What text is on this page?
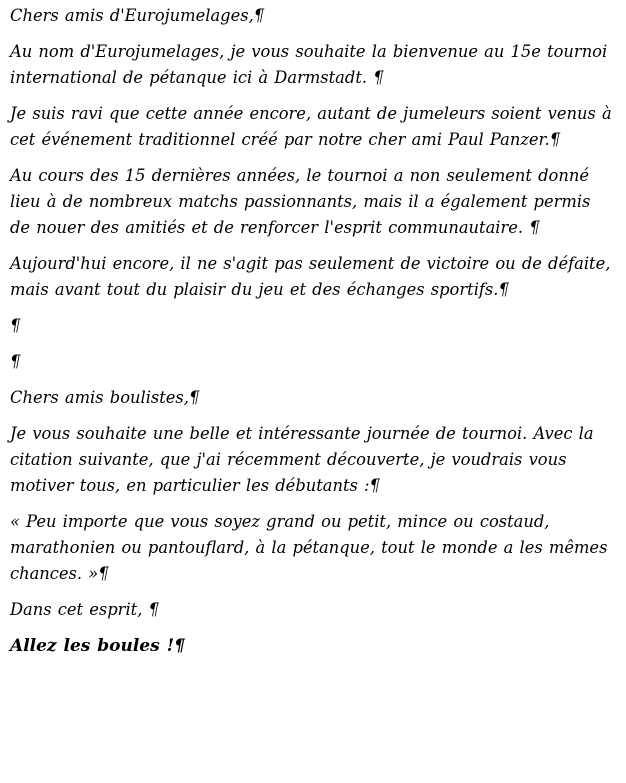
Chers amis d'Eurojumelages,¶

Au nom d'Eurojumelages, je vous souhaite la bienvenue au 15e tournoi international de pétanque ici à Darmstadt. ¶

Je suis ravi que cette année encore, autant de jumeleurs soient venus à cet événement traditionnel créé par notre cher ami Paul Panzer.¶

Au cours des 15 dernières années, le tournoi a non seulement donné lieu à de nombreux matchs passionnants, mais il a également permis de nouer des amitiés et de renforcer l'esprit communautaire. ¶

Aujourd'hui encore, il ne s'agit pas seulement de victoire ou de défaite, mais avant tout du plaisir du jeu et des échanges sportifs.¶

¶

¶

Chers amis boulistes,¶

Je vous souhaite une belle et intéressante journée de tournoi. Avec la citation suivante, que j'ai récemment découverte, je voudrais vous motiver tous, en particulier les débutants :¶

« Peu importe que vous soyez grand ou petit, mince ou costaud, marathonien ou pantouflard, à la pétanque, tout le monde a les mêmes chances. »¶

Dans cet esprit, ¶

Allez les boules !¶
